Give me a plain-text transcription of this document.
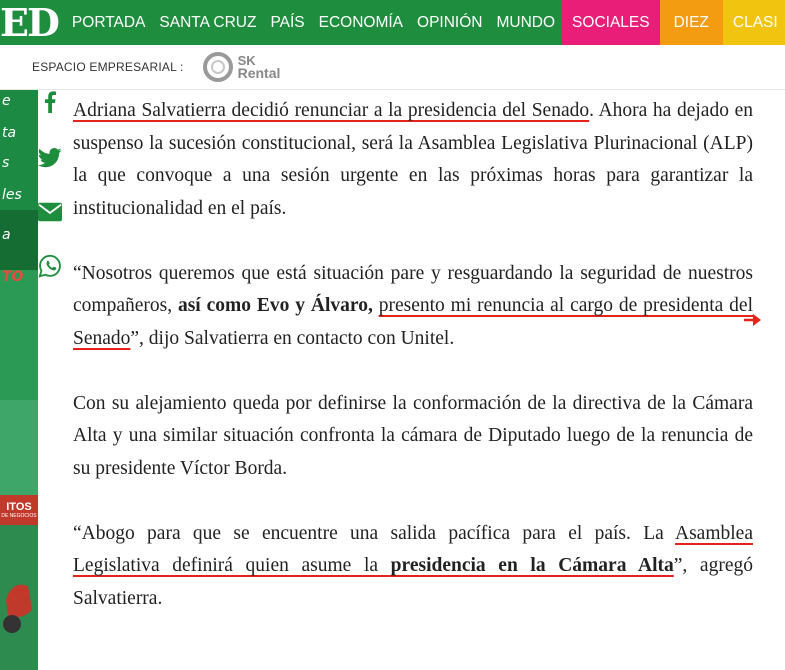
ED PORTADA SANTA CRUZ PAÍS ECONOMÍA OPINIÓN MUNDO	SOCIALES	DIEZ	CLASI
ESPACIO EMPRESARIAL :	SK
Rental
e
ta
s
les
a
TO
ITOS
DE NEGOCIOS

Adriana Salvatierra decidió renunciar a la presidencia del Senado. Ahora ha dejado en suspenso la sucesión constitucional, será la Asamblea Legislativa Plurinacional (ALP) la que convoque a una sesión urgente en las próximas horas para garantizar la institucionalidad en el país.

“Nosotros queremos que está situación pare y resguardando la seguridad de nuestros compañeros, así como Evo y Álvaro, presento mi renuncia al cargo de presidenta del Senado”, dijo Salvatierra en contacto con Unitel.

Con su alejamiento queda por definirse la conformación de la directiva de la Cámara Alta y una similar situación confronta la cámara de Diputado luego de la renuncia de su presidente Víctor Borda.

“Abogo para que se encuentre una salida pacífica para el país. La Asamblea Legislativa definirá quien asume la presidencia en la Cámara Alta”, agregó Salvatierra.
